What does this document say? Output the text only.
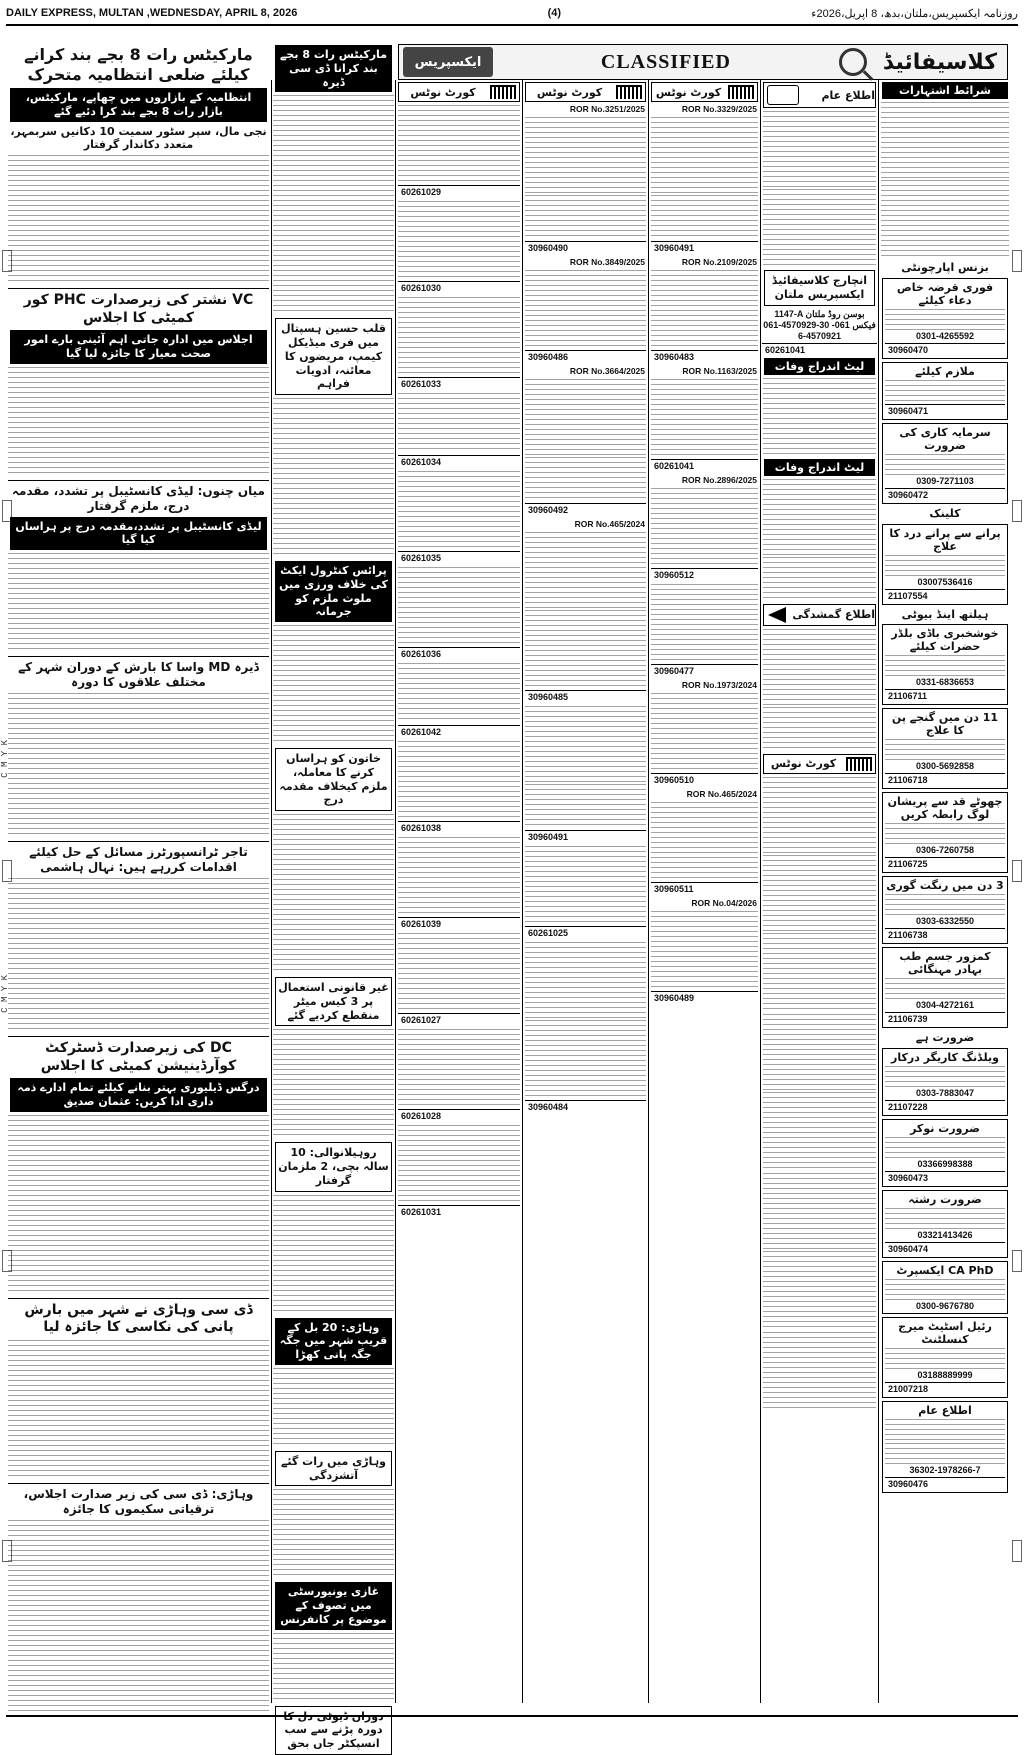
DAILY EXPRESS, MULTAN ,WEDNESDAY, APRIL 8, 2026	(4)	روزنامہ ایکسپریس،ملتان،بدھ، 8 اپریل،2026ء
C M Y K
C M Y K
ایکسپریس	CLASSIFIED	کلاسیفائیڈ
مارکیٹس رات 8 بجے بند کرانے کیلئے ضلعی انتظامیہ متحرک
انتظامیہ کے بازاروں میں چھاپے، مارکیٹس، بازار رات 8 بجے بند کرا دئیے گئے
نجی مال، سپر سٹور سمیت 10 دکانیں سربمہر، متعدد دکاندار گرفتار
VC نشتر کی زیرصدارت PHC کور کمیٹی کا اجلاس
اجلاس میں ادارہ جاتی اہم آئینی بارے امور صحت معیار کا جائزہ لیا گیا
میاں چنوں: لیڈی کانسٹیبل پر تشدد، مقدمہ درج، ملزم گرفتار
لیڈی کانسٹیبل پر تشدد،مقدمہ درج پر ہراساں کیا گیا
ڈیرہ MD واسا کا بارش کے دوران شہر کے مختلف علاقوں کا دورہ
تاجر ٹرانسپورٹرز مسائل کے حل کیلئے اقدامات کررہے ہیں: نہال ہاشمی
DC کی زیرصدارت ڈسٹرکٹ کوآرڈینیشن کمیٹی کا اجلاس
درگس ڈیلیوری بہتر بنانے کیلئے تمام ادارے ذمہ داری ادا کریں: عثمان صدیق
ڈی سی وہاڑی نے شہر میں بارش پانی کی نکاسی کا جائزہ لیا
وہاڑی: ڈی سی کی زیر صدارت اجلاس، ترقیاتی سکیموں کا جائزہ
مارکیٹس رات 8 بجے بند کرانا ڈی سی ڈیرہ
قلب حسین ہسپتال میں فری میڈیکل کیمپ، مریضوں کا معائنہ، ادویات فراہم
پرائس کنٹرول ایکٹ کی خلاف ورزی میں ملوث ملزم کو جرمانہ
خاتون کو ہراساں کرنے کا معاملہ، ملزم کیخلاف مقدمہ درج
غیر قانونی استعمال پر 3 کیس میٹر منقطع کردیے گئے
روہیلانوالی: 10 سالہ بچی، 2 ملزمان گرفتار
وہاڑی: 20 بل کے قریب شہر میں جگہ جگہ پانی کھڑا
وہاڑی میں رات گئے آتشزدگی
غازی یونیورسٹی میں تصوف کے موضوع پر کانفرنس
دورہ پڑنے سے سب انسپکٹر جاں بحق
کورٹ نوٹس
60261029
60261030
60261033
60261034
60261035
60261036
60261042
60261038
60261039
60261027
60261028
60261031
کورٹ نوٹس
ROR No.3251/2025
30960490
ROR No.3849/2025
30960486
ROR No.3664/2025
30960492
ROR No.465/2024
30960485
30960491
60261025
30960484
کورٹ نوٹس
ROR No.3329/2025
30960491
ROR No.2109/2025
30960483
ROR No.1163/2025
60261041
ROR No.2896/2025
30960512
30960477
ROR No.1973/2024
30960510
ROR No.465/2024
30960511
ROR No.04/2026
30960489
اطلاع عام
انچارج کلاسیفائیڈ ایکسپریس ملتان
1147-A بوسن روڈ ملتان
061-4570929-30 فیکس 061-4570921-6
60261041
لیٹ اندراج وفات
لیٹ اندراج وفات
اطلاع گمشدگی
کورٹ نوٹس
شرائط اشتہارات
بزنس اپارچونٹی
فوری قرضہ خاص دعاء کیلئے
0301-4265592
30960470
ملازم کیلئے
30960471
سرمایہ کاری کی ضرورت
0309-7271103
30960472
کلینک
پرانے سے پرانے درد کا علاج
03007536416
21107554
ہیلتھ اینڈ بیوٹی
خوشخبری باڈی بلڈر حضرات کیلئے
0331-6836653
21106711
11 دن میں گنجے پن کا علاج
0300-5692858
21106718
چھوٹے قد سے پریشان لوگ رابطہ کریں
0306-7260758
21106725
3 دن میں رنگت گوری
0303-6332550
21106738
کمزور جسم طب بہادر مہنگائی
0304-4272161
21106739
ضرورت ہے
ویلڈنگ کاریگر درکار
0303-7883047
21107228
ضرورت نوکر
03366998388
30960473
ضرورت رشتہ
03321413426
30960474
CA PhD ایکسپرٹ
0300-9676780
رئیل اسٹیٹ میرج کنسلٹنٹ
03188889999
21007218
اطلاع عام
36302-1978266-7
30960476
